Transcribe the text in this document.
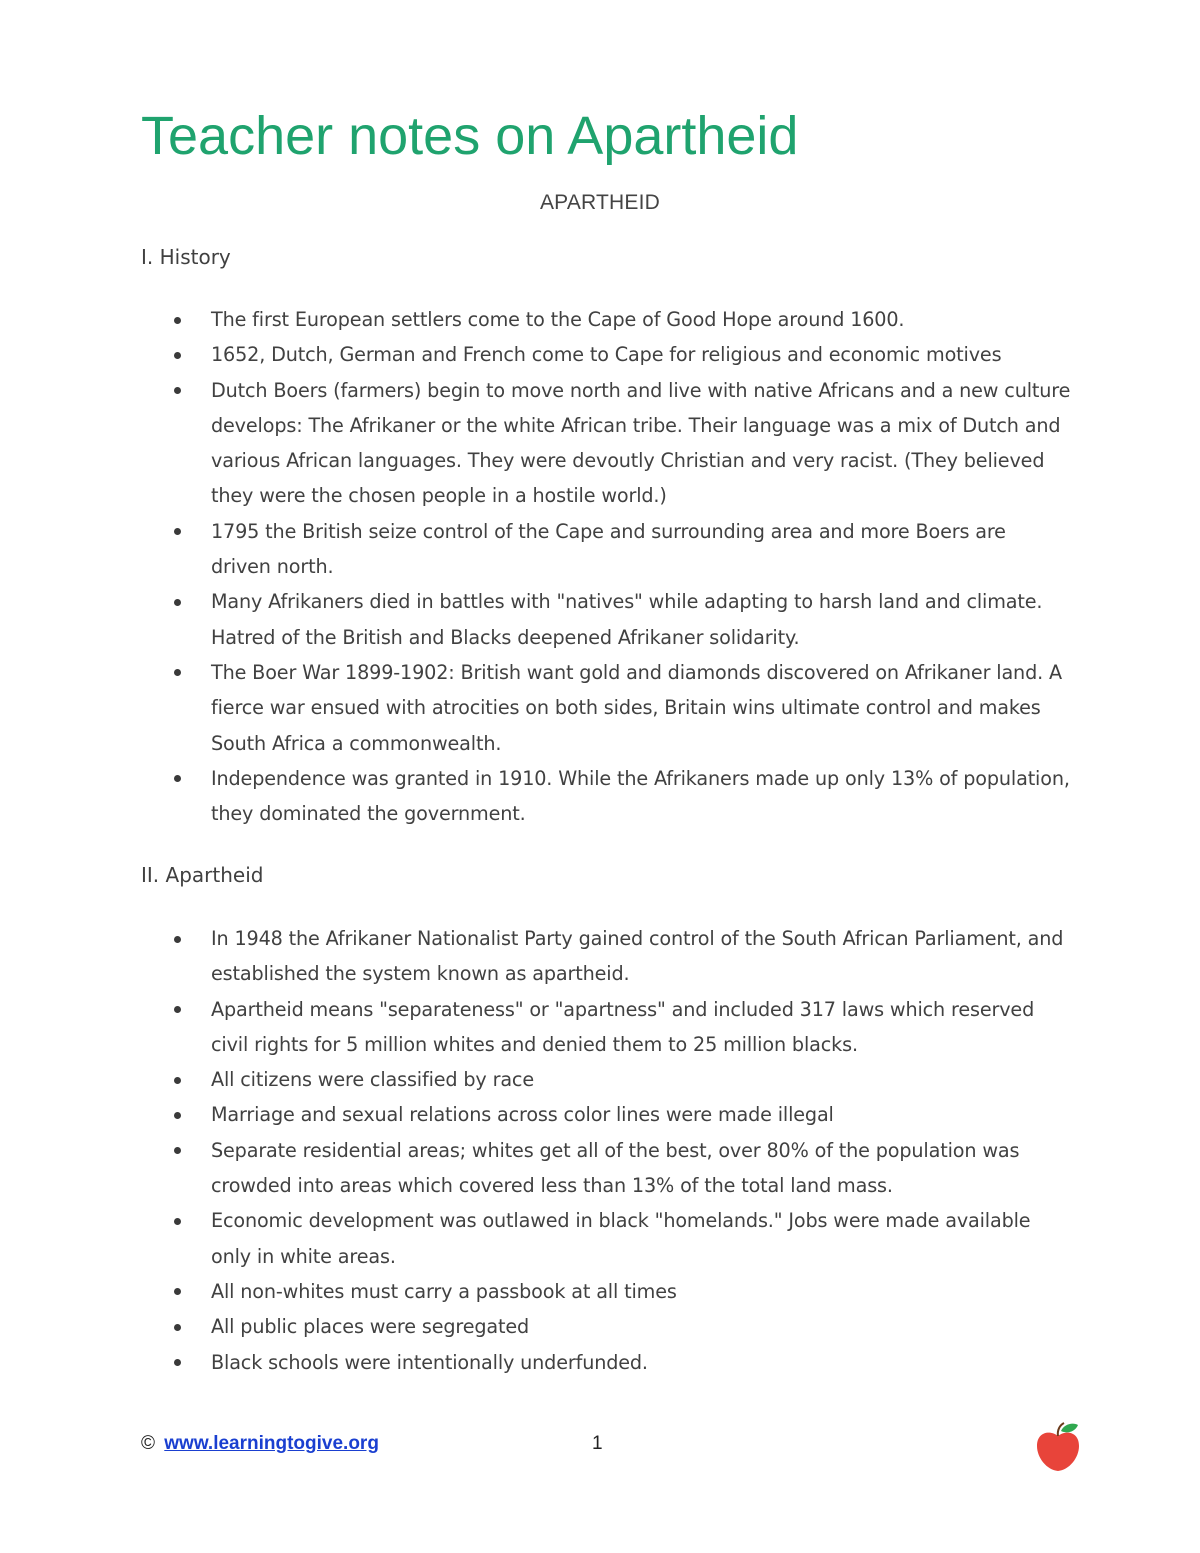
Teacher notes on Apartheid
APARTHEID
I. History
The first European settlers come to the Cape of Good Hope around 1600.
1652, Dutch, German and French come to Cape for religious and economic motives
Dutch Boers (farmers) begin to move north and live with native Africans and a new culture develops: The Afrikaner or the white African tribe. Their language was a mix of Dutch and various African languages. They were devoutly Christian and very racist. (They believed they were the chosen people in a hostile world.)
1795 the British seize control of the Cape and surrounding area and more Boers are driven north.
Many Afrikaners died in battles with "natives" while adapting to harsh land and climate. Hatred of the British and Blacks deepened Afrikaner solidarity.
The Boer War 1899-1902: British want gold and diamonds discovered on Afrikaner land. A fierce war ensued with atrocities on both sides, Britain wins ultimate control and makes South Africa a commonwealth.
Independence was granted in 1910. While the Afrikaners made up only 13% of population, they dominated the government.
II. Apartheid
In 1948 the Afrikaner Nationalist Party gained control of the South African Parliament, and established the system known as apartheid.
Apartheid means "separateness" or "apartness" and included 317 laws which reserved civil rights for 5 million whites and denied them to 25 million blacks.
All citizens were classified by race
Marriage and sexual relations across color lines were made illegal
Separate residential areas; whites get all of the best, over 80% of the population was crowded into areas which covered less than 13% of the total land mass.
Economic development was outlawed in black "homelands." Jobs were made available only in white areas.
All non-whites must carry a passbook at all times
All public places were segregated
Black schools were intentionally underfunded.
© www.learningtogive.org	1
